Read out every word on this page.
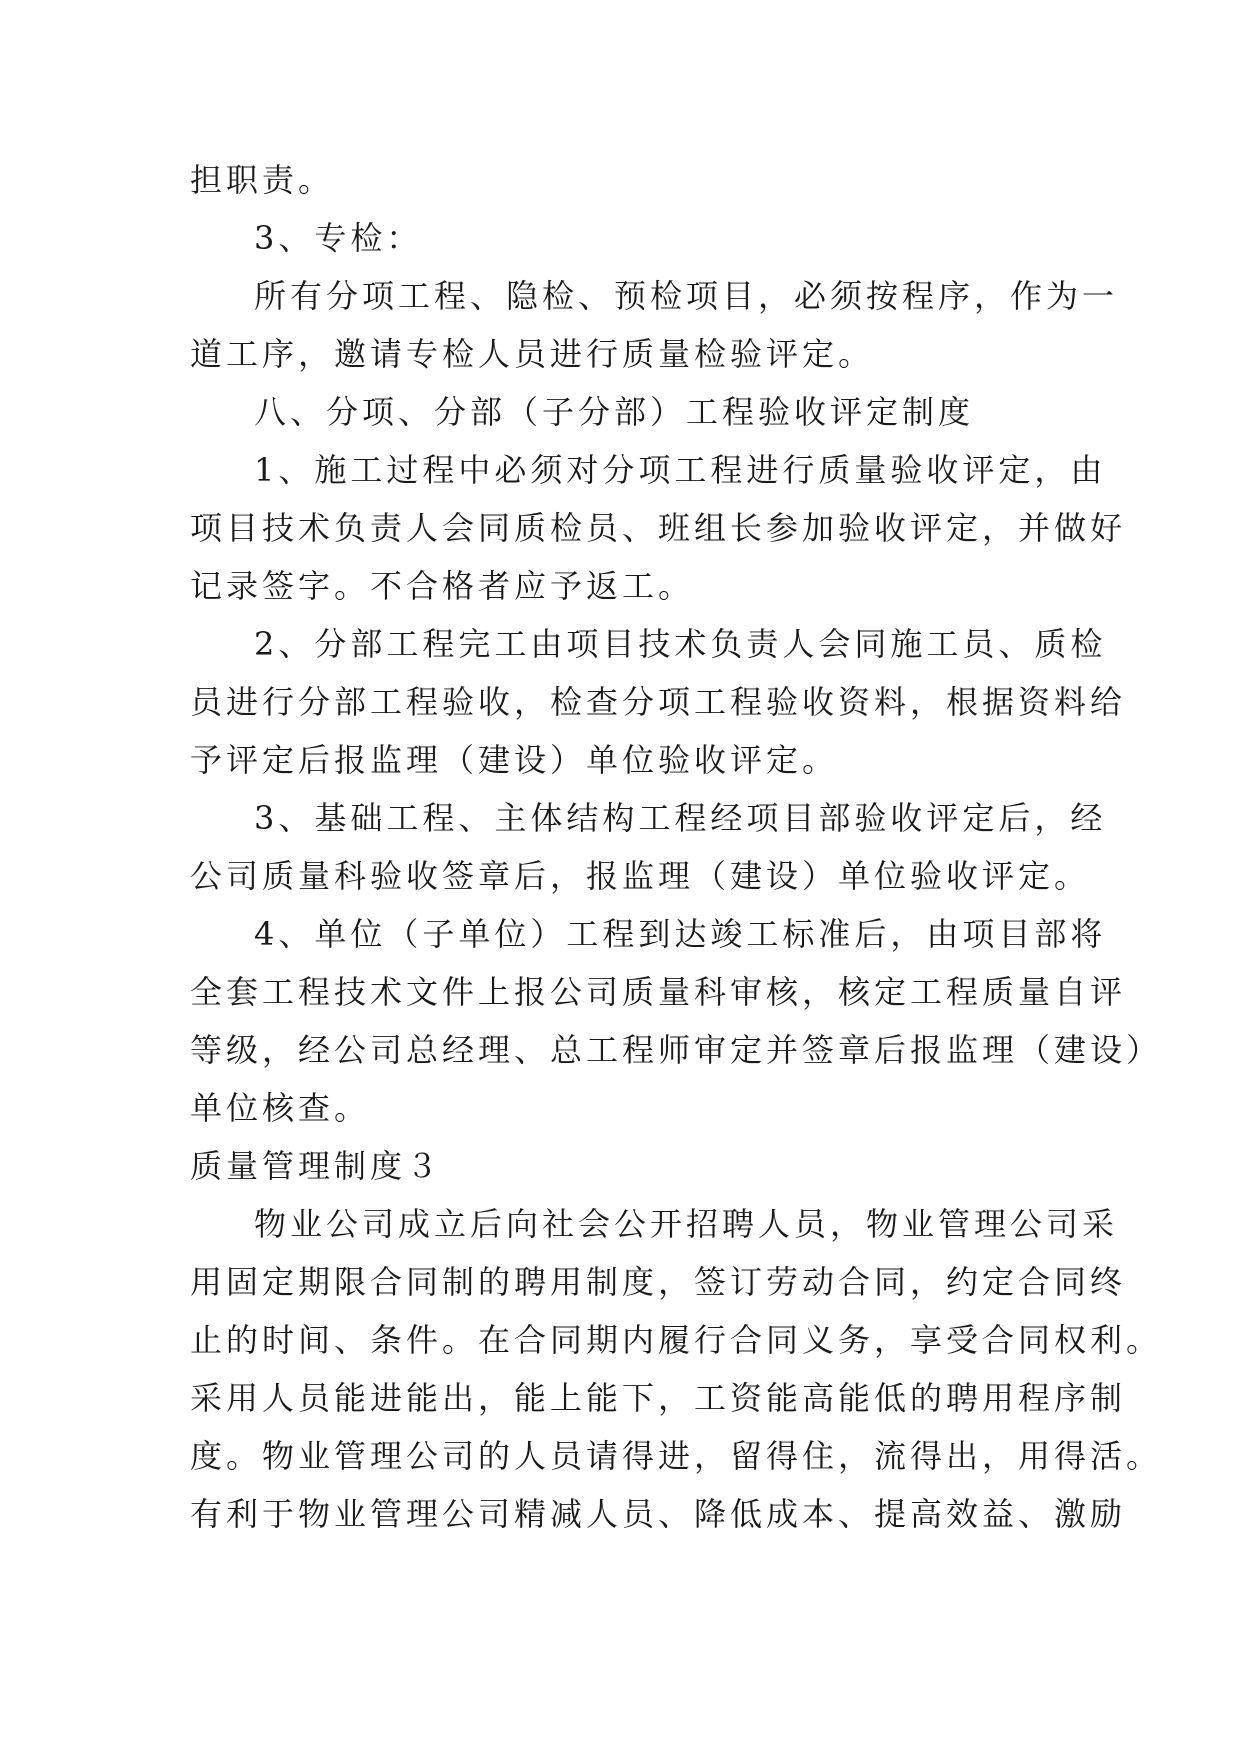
担职责。
3、专检：
所有分项工程、隐检、预检项目，必须按程序，作为一
道工序，邀请专检人员进行质量检验评定。
八、分项、分部（子分部）工程验收评定制度
1、施工过程中必须对分项工程进行质量验收评定，由
项目技术负责人会同质检员、班组长参加验收评定，并做好
记录签字。不合格者应予返工。
2、分部工程完工由项目技术负责人会同施工员、质检
员进行分部工程验收，检查分项工程验收资料，根据资料给
予评定后报监理（建设）单位验收评定。
3、基础工程、主体结构工程经项目部验收评定后，经
公司质量科验收签章后，报监理（建设）单位验收评定。
4、单位（子单位）工程到达竣工标准后，由项目部将
全套工程技术文件上报公司质量科审核，核定工程质量自评
等级，经公司总经理、总工程师审定并签章后报监理（建设）
单位核查。
质量管理制度３
物业公司成立后向社会公开招聘人员，物业管理公司采
用固定期限合同制的聘用制度，签订劳动合同，约定合同终
止的时间、条件。在合同期内履行合同义务，享受合同权利。
采用人员能进能出，能上能下，工资能高能低的聘用程序制
度。物业管理公司的人员请得进，留得住，流得出，用得活。
有利于物业管理公司精减人员、降低成本、提高效益、激励
